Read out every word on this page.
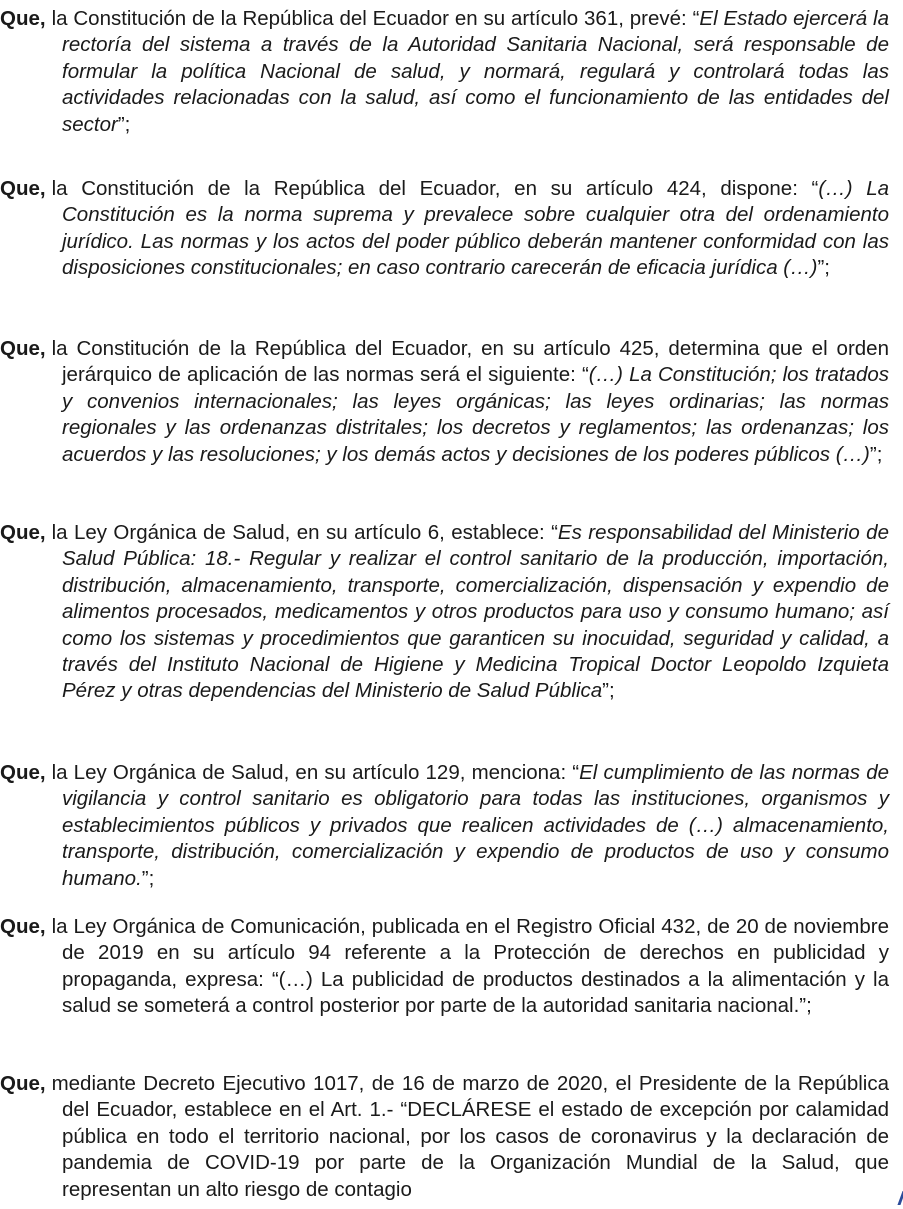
Que, la Constitución de la República del Ecuador en su artículo 361, prevé: “El Estado ejercerá la rectoría del sistema a través de la Autoridad Sanitaria Nacional, será responsable de formular la política Nacional de salud, y normará, regulará y controlará todas las actividades relacionadas con la salud, así como el funcionamiento de las entidades del sector”;
Que, la Constitución de la República del Ecuador, en su artículo 424, dispone: “(…) La Constitución es la norma suprema y prevalece sobre cualquier otra del ordenamiento jurídico. Las normas y los actos del poder público deberán mantener conformidad con las disposiciones constitucionales; en caso contrario carecerán de eficacia jurídica (…)”;
Que, la Constitución de la República del Ecuador, en su artículo 425, determina que el orden jerárquico de aplicación de las normas será el siguiente: “(…) La Constitución; los tratados y convenios internacionales; las leyes orgánicas; las leyes ordinarias; las normas regionales y las ordenanzas distritales; los decretos y reglamentos; las ordenanzas; los acuerdos y las resoluciones; y los demás actos y decisiones de los poderes públicos (…)”;
Que, la Ley Orgánica de Salud, en su artículo 6, establece: “Es responsabilidad del Ministerio de Salud Pública: 18.- Regular y realizar el control sanitario de la producción, importación, distribución, almacenamiento, transporte, comercialización, dispensación y expendio de alimentos procesados, medicamentos y otros productos para uso y consumo humano; así como los sistemas y procedimientos que garanticen su inocuidad, seguridad y calidad, a través del Instituto Nacional de Higiene y Medicina Tropical Doctor Leopoldo Izquieta Pérez y otras dependencias del Ministerio de Salud Pública”;
Que, la Ley Orgánica de Salud, en su artículo 129, menciona: “El cumplimiento de las normas de vigilancia y control sanitario es obligatorio para todas las instituciones, organismos y establecimientos públicos y privados que realicen actividades de (…) almacenamiento, transporte, distribución, comercialización y expendio de productos de uso y consumo humano.”;
Que, la Ley Orgánica de Comunicación, publicada en el Registro Oficial 432, de 20 de noviembre de 2019 en su artículo 94 referente a la Protección de derechos en publicidad y propaganda, expresa: “(…) La publicidad de productos destinados a la alimentación y la salud se someterá a control posterior por parte de la autoridad sanitaria nacional.”;
Que, mediante Decreto Ejecutivo 1017, de 16 de marzo de 2020, el Presidente de la República del Ecuador, establece en el Art. 1.- “DECLÁRESE el estado de excepción por calamidad pública en todo el territorio nacional, por los casos de coronavirus y la declaración de pandemia de COVID-19 por parte de la Organización Mundial de la Salud, que representan un alto riesgo de contagio
